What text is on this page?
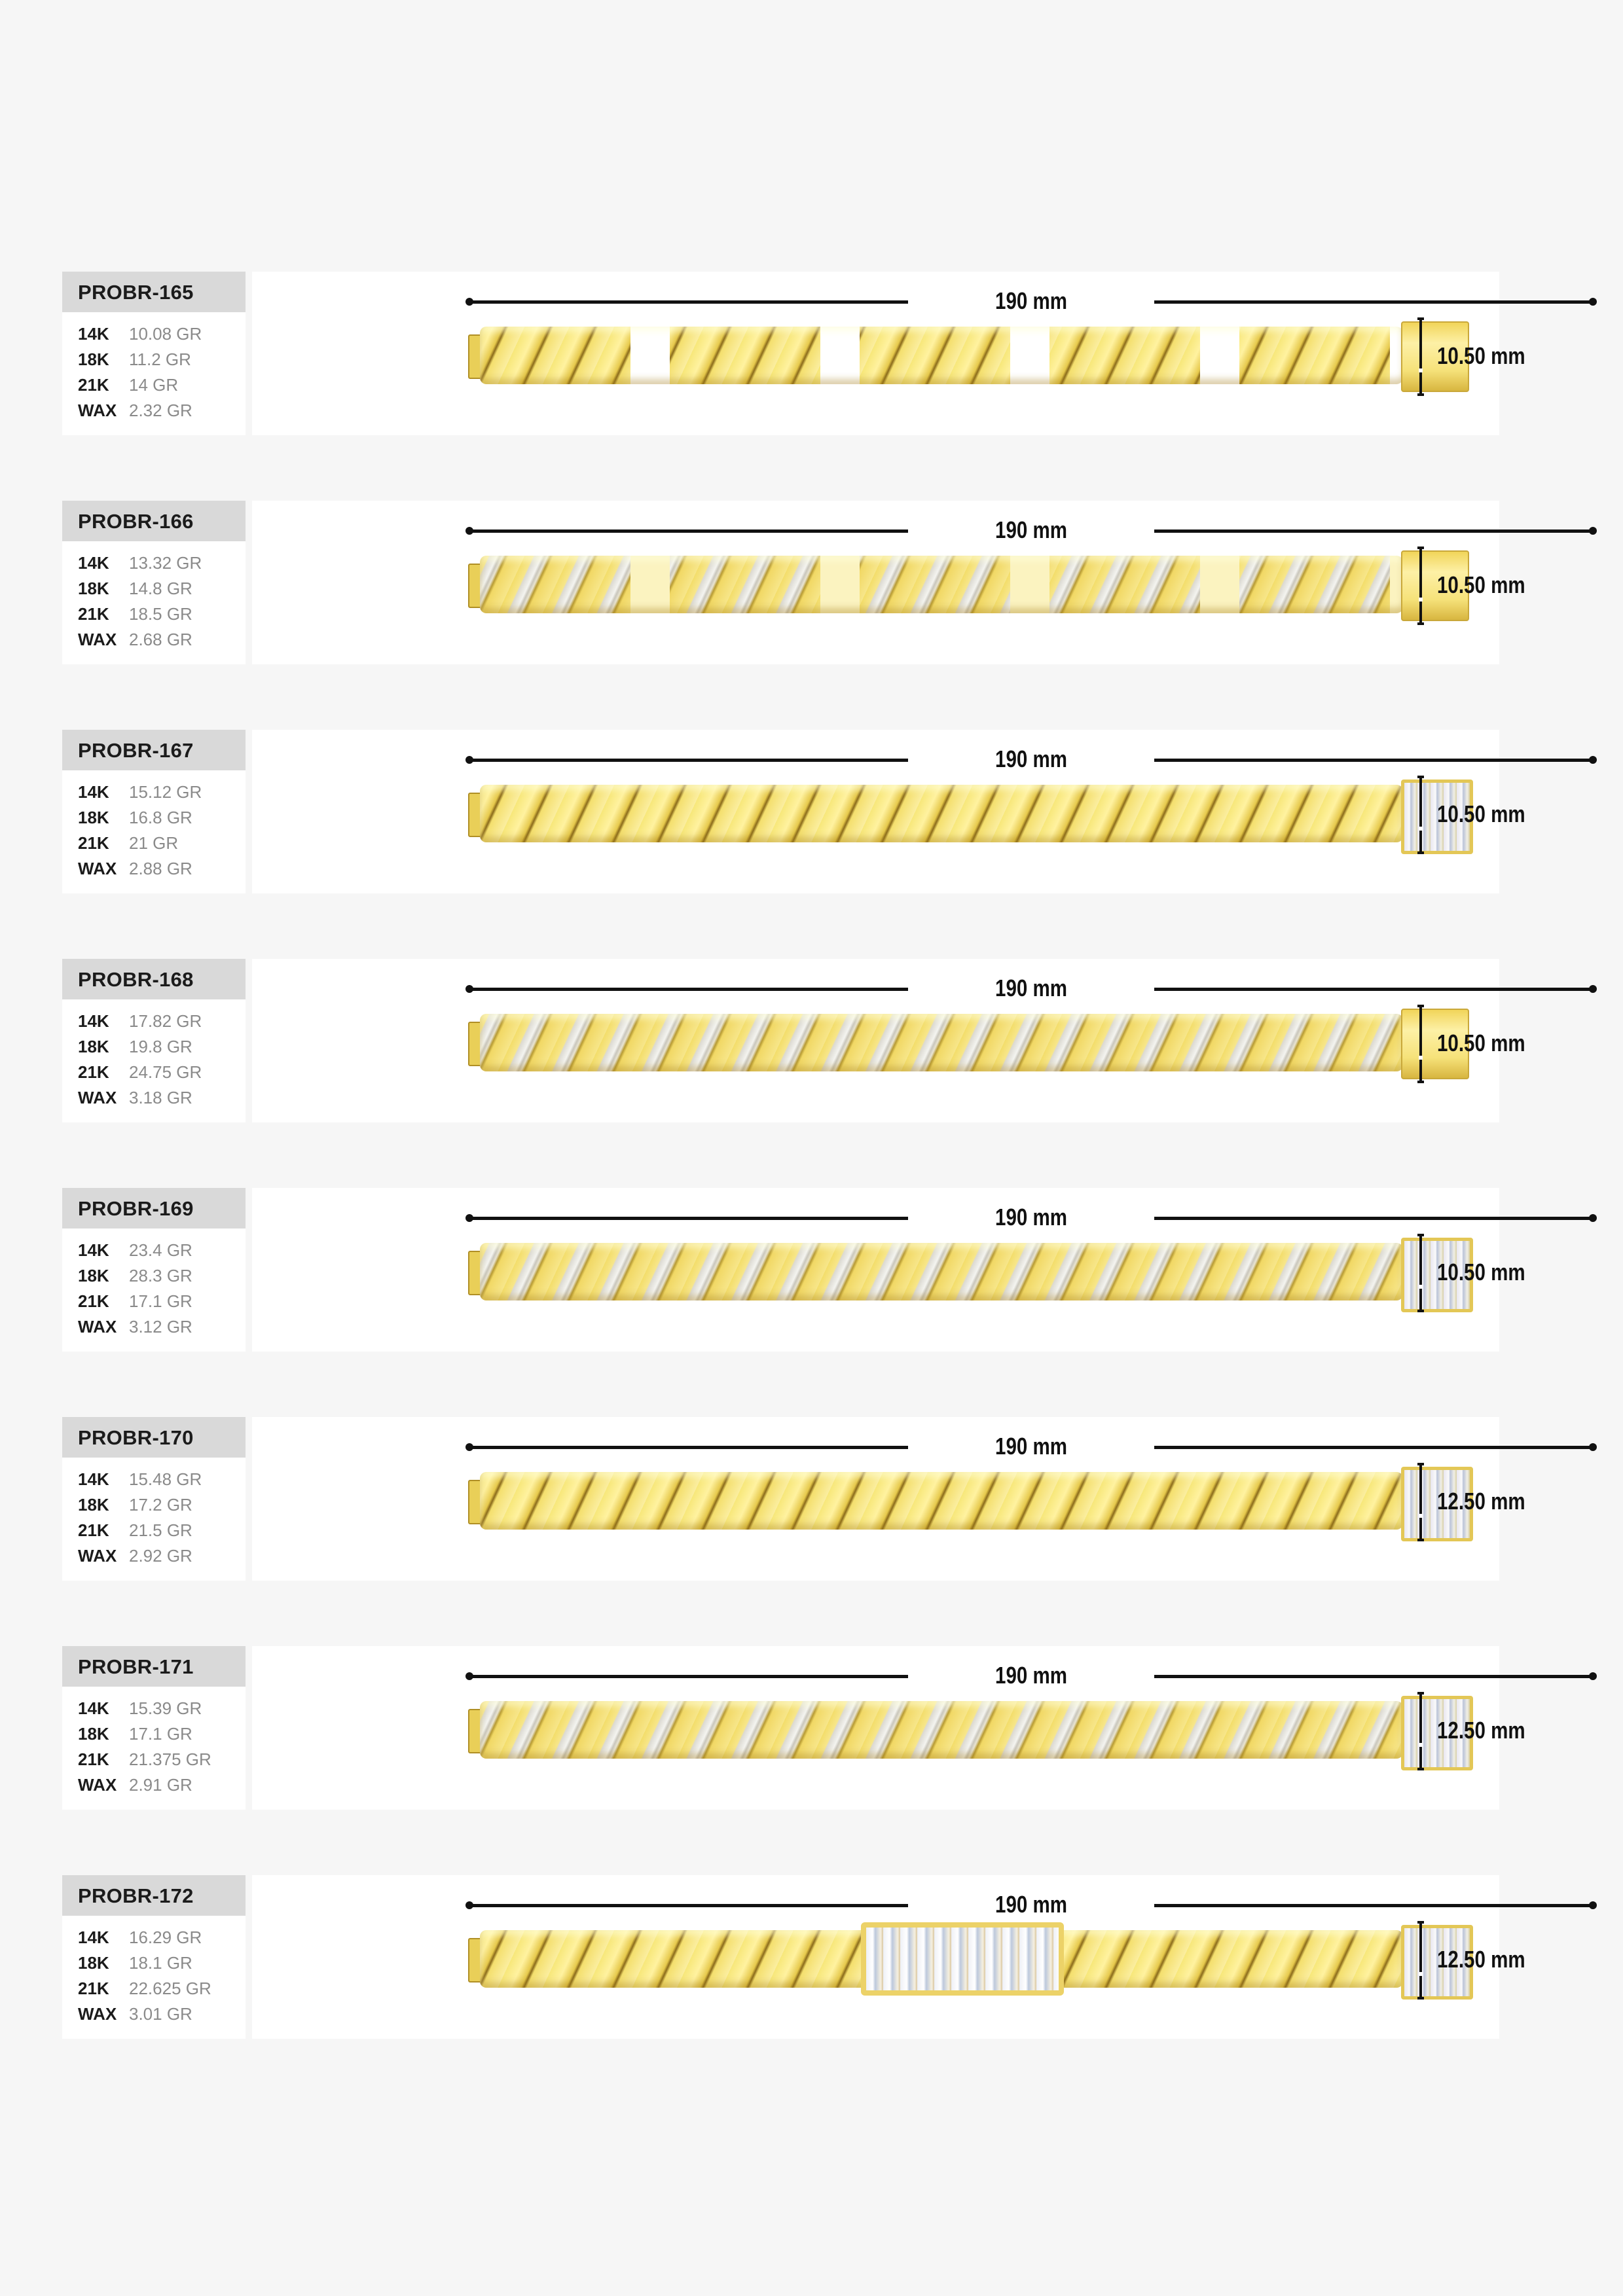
PROBR-165
14K	10.08 GR
18K	11.2 GR
21K	14 GR
WAX 2.32 GR
190 mm
10.50 mm
PROBR-166
14K	13.32 GR
18K	14.8 GR
21K	18.5 GR
WAX 2.68 GR
190 mm
10.50 mm
PROBR-167
14K	15.12 GR
18K	16.8 GR
21K	21 GR
WAX 2.88 GR
190 mm
10.50 mm
PROBR-168
14K	17.82 GR
18K	19.8 GR
21K	24.75 GR
WAX 3.18 GR
190 mm
10.50 mm
PROBR-169
14K	23.4 GR
18K	28.3 GR
21K	17.1 GR
WAX 3.12 GR
190 mm
10.50 mm
PROBR-170
14K	15.48 GR
18K	17.2 GR
21K	21.5 GR
WAX 2.92 GR
190 mm
12.50 mm
PROBR-171
14K	15.39 GR
18K	17.1 GR
21K	21.375 GR
WAX 2.91 GR
190 mm
12.50 mm
PROBR-172
14K	16.29 GR
18K	18.1 GR
21K	22.625 GR
WAX 3.01 GR
190 mm
12.50 mm
